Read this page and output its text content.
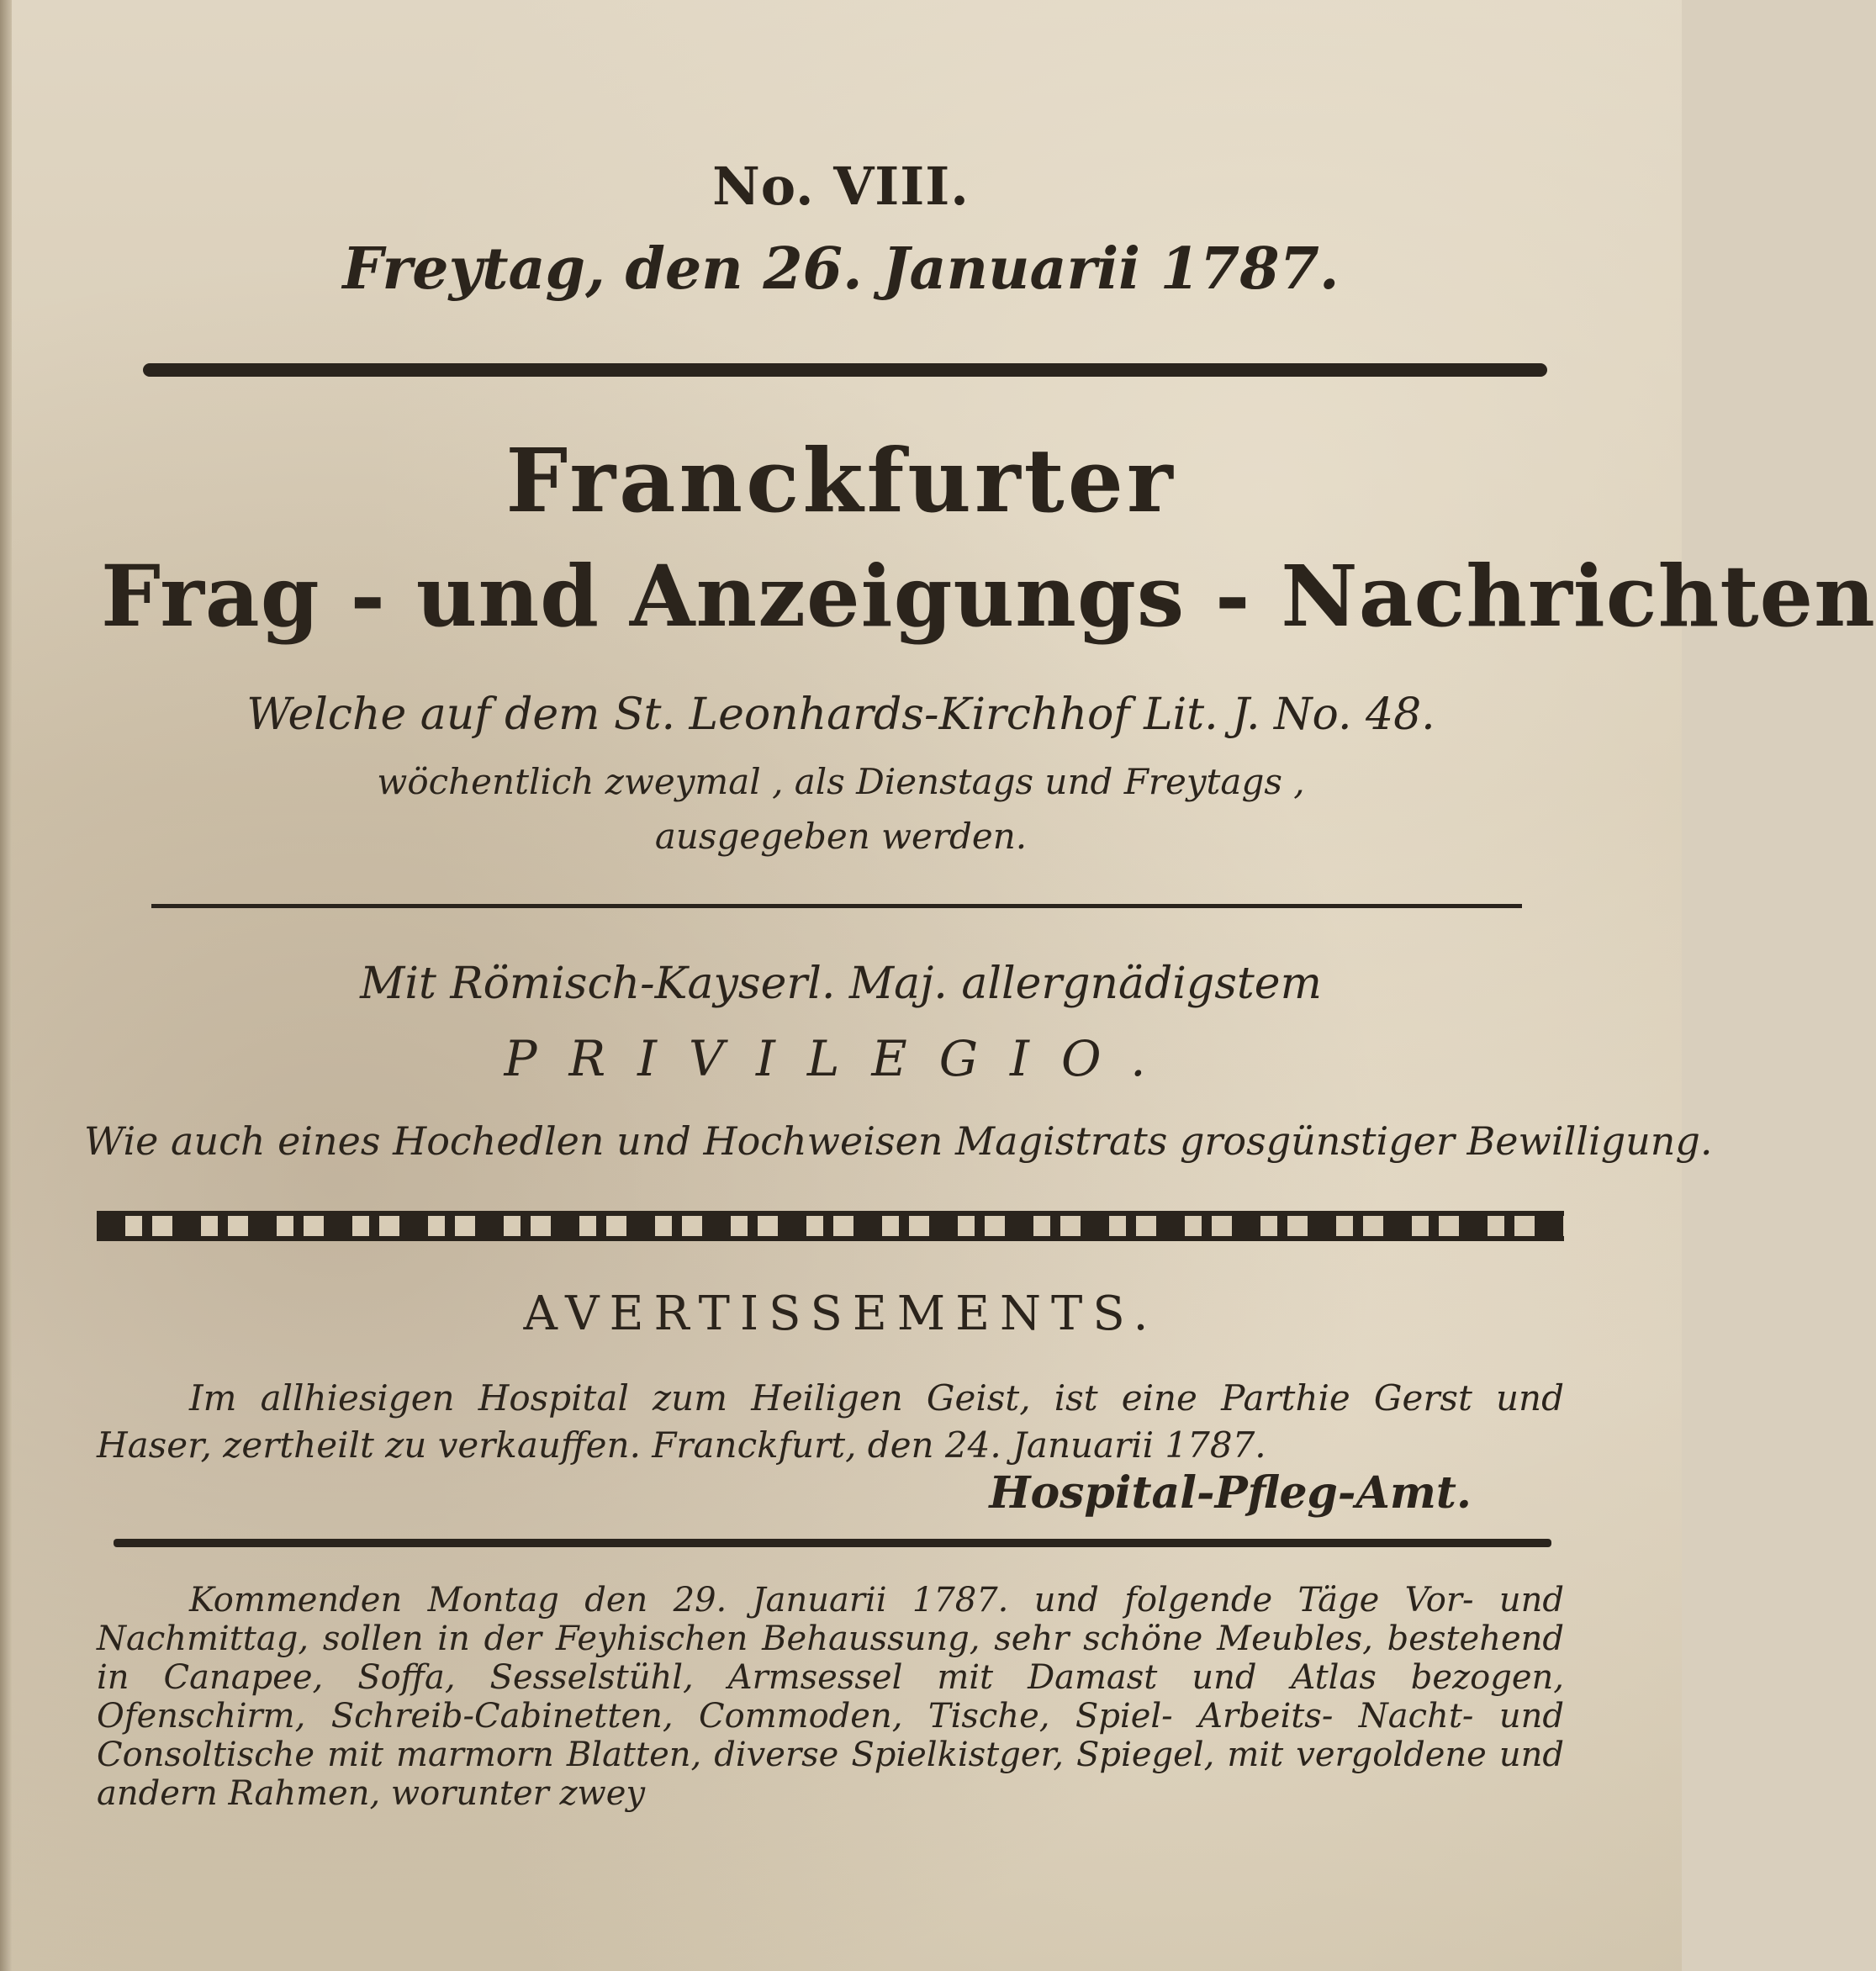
No. VIII.
Freytag, den 26. Januarii 1787.
Franckfurter
Frag - und Anzeigungs - Nachrichten
Welche auf dem St. Leonhards-Kirchhof Lit. J. No. 48.
wöchentlich zweymal , als Dienstags und Freytags ,
ausgegeben werden.
Mit Römisch-Kayserl. Maj. allergnädigstem
PRIVILEGIO.
Wie auch eines Hochedlen und Hochweisen Magistrats grosgünstiger Bewilligung.
AVERTISSEMENTS.
Im allhiesigen Hospital zum Heiligen Geist, ist eine Parthie Gerst und Haser, zertheilt zu verkauffen. Franckfurt, den 24. Januarii 1787.
Hospital-Pfleg-Amt.
Kommenden Montag den 29. Januarii 1787. und folgende Täge Vor- und Nachmittag, sollen in der Feyhischen Behaussung, sehr schöne Meubles, bestehend in Canapee, Soffa, Sesselstühl, Armsessel mit Damast und Atlas bezogen, Ofenschirm, Schreib-Cabinetten, Commoden, Tische, Spiel- Arbeits- Nacht- und Consoltische mit marmorn Blatten, diverse Spielkistger, Spiegel, mit vergoldene und andern Rahmen, worunter zwey
